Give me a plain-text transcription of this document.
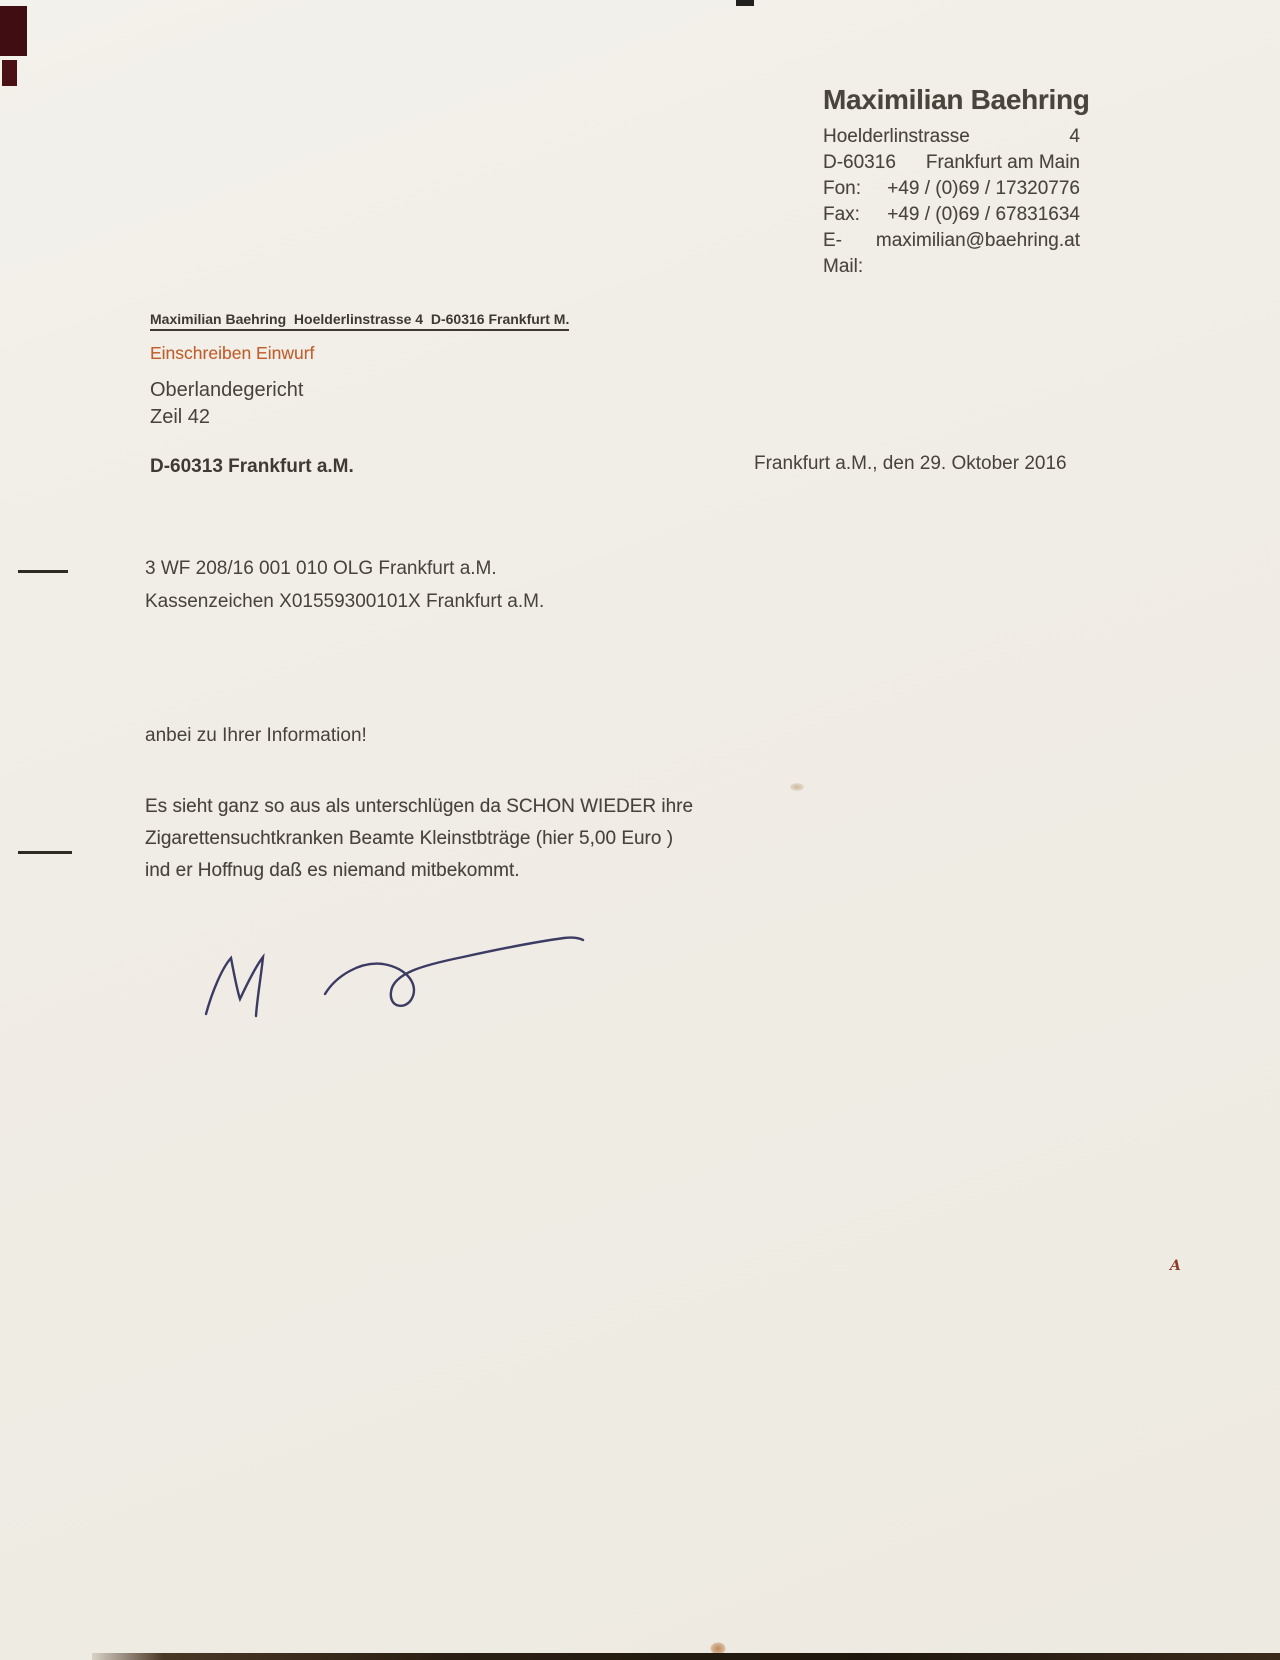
A
Maximilian Baehring
Hoelderlinstrasse	4
D-60316 Frankfurt am Main
Fon: +49 / (0)69 / 17320776
Fax: +49 / (0)69 / 67831634
E-Mail:
maximilian@baehring.at
Maximilian Baehring  Hoelderlinstrasse 4  D-60316 Frankfurt M.
Einschreiben Einwurf
Oberlandegericht
Zeil 42
D-60313 Frankfurt a.M.	Frankfurt a.M., den 29. Oktober 2016
3 WF 208/16 001 010 OLG Frankfurt a.M.
Kassenzeichen X01559300101X Frankfurt a.M.
anbei zu Ihrer Information!
Es sieht ganz so aus als unterschlügen da SCHON WIEDER ihre
Zigarettensuchtkranken Beamte Kleinstbträge (hier 5,00 Euro )
ind er Hoffnug daß es niemand mitbekommt.
